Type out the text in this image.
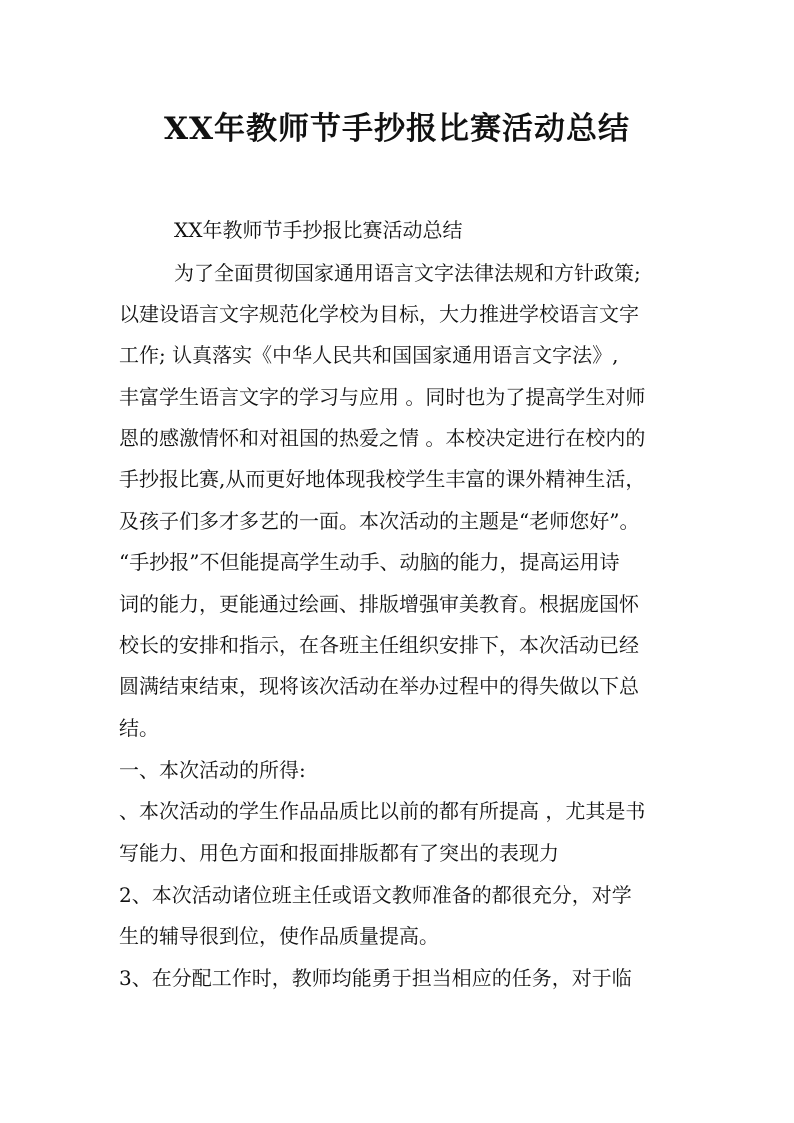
XX年教师节手抄报比赛活动总结

XX年教师节手抄报比赛活动总结

为了全面贯彻国家通用语言文字法律法规和方针政策;

以建设语言文字规范化学校为目标，大力推进学校语言文字

工作; 认真落实《中华人民共和国国家通用语言文字法》,

丰富学生语言文字的学习与应用 。同时也为了提高学生对师

恩的感激情怀和对祖国的热爱之情 。本校决定进行在校内的

手抄报比赛,从而更好地体现我校学生丰富的课外精神生活，

及孩子们多才多艺的一面。本次活动的主题是“老师您好”。

“手抄报”不但能提高学生动手、动脑的能力，提高运用诗

词的能力，更能通过绘画、排版增强审美教育。根据庞国怀

校长的安排和指示，在各班主任组织安排下，本次活动已经

圆满结束结束，现将该次活动在举办过程中的得失做以下总

结。

一、本次活动的所得:

、本次活动的学生作品品质比以前的都有所提高 ，尤其是书

写能力、用色方面和报面排版都有了突出的表现力

2、本次活动诸位班主任或语文教师准备的都很充分，对学

生的辅导很到位，使作品质量提高。

3、在分配工作时，教师均能勇于担当相应的任务，对于临
